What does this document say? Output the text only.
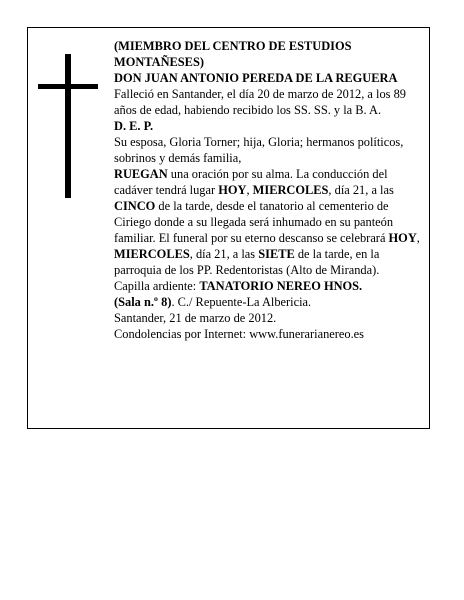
(MIEMBRO DEL CENTRO DE ESTUDIOS MONTAÑESES)

DON JUAN ANTONIO PEREDA DE LA REGUERA

Falleció en Santander, el día 20 de marzo de 2012, a los 89 años de edad, habiendo recibido los SS. SS. y la B. A.

D. E. P.

Su esposa, Gloria Torner; hija, Gloria; hermanos políticos, sobrinos y demás familia,

RUEGAN una oración por su alma. La conducción del cadáver tendrá lugar HOY, MIERCOLES, día 21, a las CINCO de la tarde, desde el tanatorio al cementerio de Ciriego donde a su llegada será inhumado en su panteón familiar. El funeral por su eterno descanso se celebrará HOY, MIERCOLES, día 21, a las SIETE de la tarde, en la parroquia de los PP. Redentoristas (Alto de Miranda).

Capilla ardiente: TANATORIO NEREO HNOS.
(Sala n.º 8). C./ Repuente-La Albericia.

Santander, 21 de marzo de 2012.

Condolencias por Internet: www.funerarianereo.es
